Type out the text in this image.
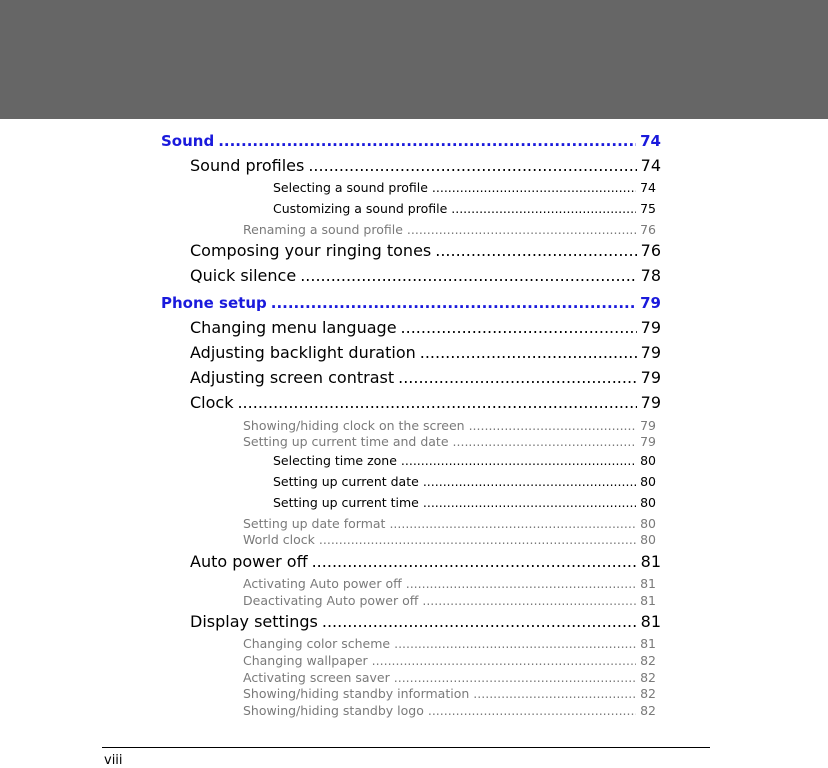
Sound .....	74
Sound profiles .....	74
Selecting a sound profile .....	74
Customizing a sound profile .....	75
Renaming a sound profile .....	76
Composing your ringing tones .....	76
Quick silence .....	78
Phone setup .....	79
Changing menu language .....	79
Adjusting backlight duration .....	79
Adjusting screen contrast .....	79
Clock .....	79
Showing/hiding clock on the screen .....	79
Setting up current time and date .....	79
Selecting time zone .....	80
Setting up current date .....	80
Setting up current time .....	80
Setting up date format .....	80
World clock .....	80
Auto power off .....	81
Activating Auto power off .....	81
Deactivating Auto power off .....	81
Display settings .....	81
Changing color scheme .....	81
Changing wallpaper .....	82
Activating screen saver .....	82
Showing/hiding standby information .....	82
Showing/hiding standby logo .....	82
viii
